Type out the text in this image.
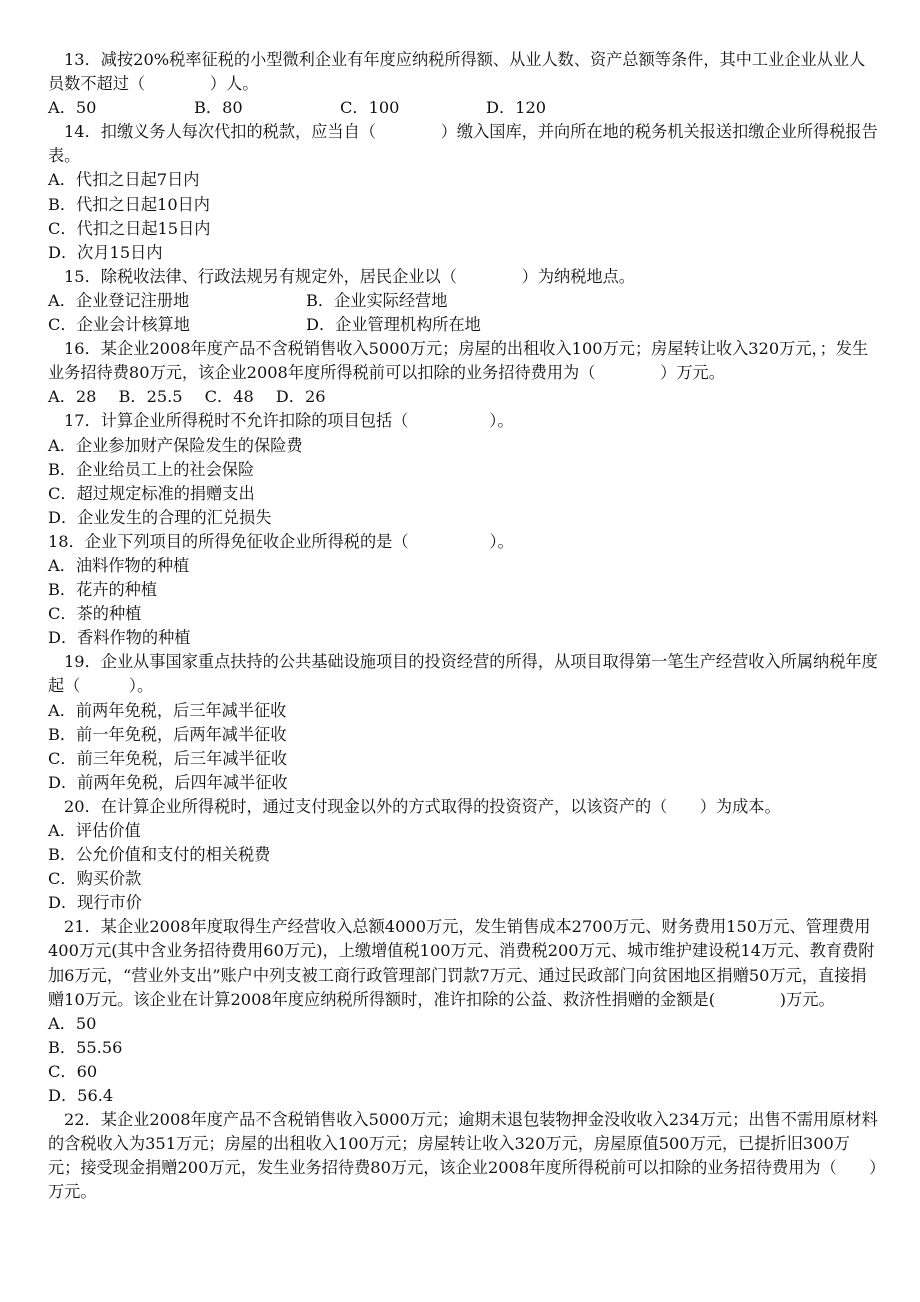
13．减按20%税率征税的小型微利企业有年度应纳税所得额、从业人数、资产总额等条件，其中工业企业从业人员数不超过（　　　　）人。

A．50	B．80	C．100	D．120

14．扣缴义务人每次代扣的税款，应当自（　　　　）缴入国库，并向所在地的税务机关报送扣缴企业所得税报告表。

A．代扣之日起7日内
B．代扣之日起10日内
C．代扣之日起15日内
D．次月15日内

15．除税收法律、行政法规另有规定外，居民企业以（　　　　）为纳税地点。

A．企业登记注册地	B．企业实际经营地
C．企业会计核算地	D．企业管理机构所在地

16．某企业2008年度产品不含税销售收入5000万元；房屋的出租收入100万元；房屋转让收入320万元，；发生业务招待费80万元，该企业2008年度所得税前可以扣除的业务招待费用为（　　　　）万元。

A．28 B．25.5 C．48 D．26

17．计算企业所得税时不允许扣除的项目包括（　　　　　）。

A．企业参加财产保险发生的保险费
B．企业给员工上的社会保险
C．超过规定标准的捐赠支出
D．企业发生的合理的汇兑损失

18．企业下列项目的所得免征收企业所得税的是（　　　　　）。

A．油料作物的种植
B．花卉的种植
C．茶的种植
D．香料作物的种植

19．企业从事国家重点扶持的公共基础设施项目的投资经营的所得，从项目取得第一笔生产经营收入所属纳税年度起（　　　）。

A．前两年免税，后三年减半征收
B．前一年免税，后两年减半征收
C．前三年免税，后三年减半征收
D．前两年免税，后四年减半征收

20．在计算企业所得税时，通过支付现金以外的方式取得的投资资产，以该资产的（　　）为成本。

A．评估价值
B．公允价值和支付的相关税费
C．购买价款
D．现行市价

21．某企业2008年度取得生产经营收入总额4000万元，发生销售成本2700万元、财务费用150万元、管理费用400万元(其中含业务招待费用60万元)，上缴增值税100万元、消费税200万元、城市维护建设税14万元、教育费附加6万元，“营业外支出”账户中列支被工商行政管理部门罚款7万元、通过民政部门向贫困地区捐赠50万元，直接捐赠10万元。该企业在计算2008年度应纳税所得额时，准许扣除的公益、救济性捐赠的金额是(　　　　)万元。

A．50
B．55.56
C．60
D．56.4

22．某企业2008年度产品不含税销售收入5000万元；逾期未退包装物押金没收收入234万元；出售不需用原材料的含税收入为351万元；房屋的出租收入100万元；房屋转让收入320万元，房屋原值500万元，已提折旧300万元；接受现金捐赠200万元，发生业务招待费80万元，该企业2008年度所得税前可以扣除的业务招待费用为（　　）万元。
